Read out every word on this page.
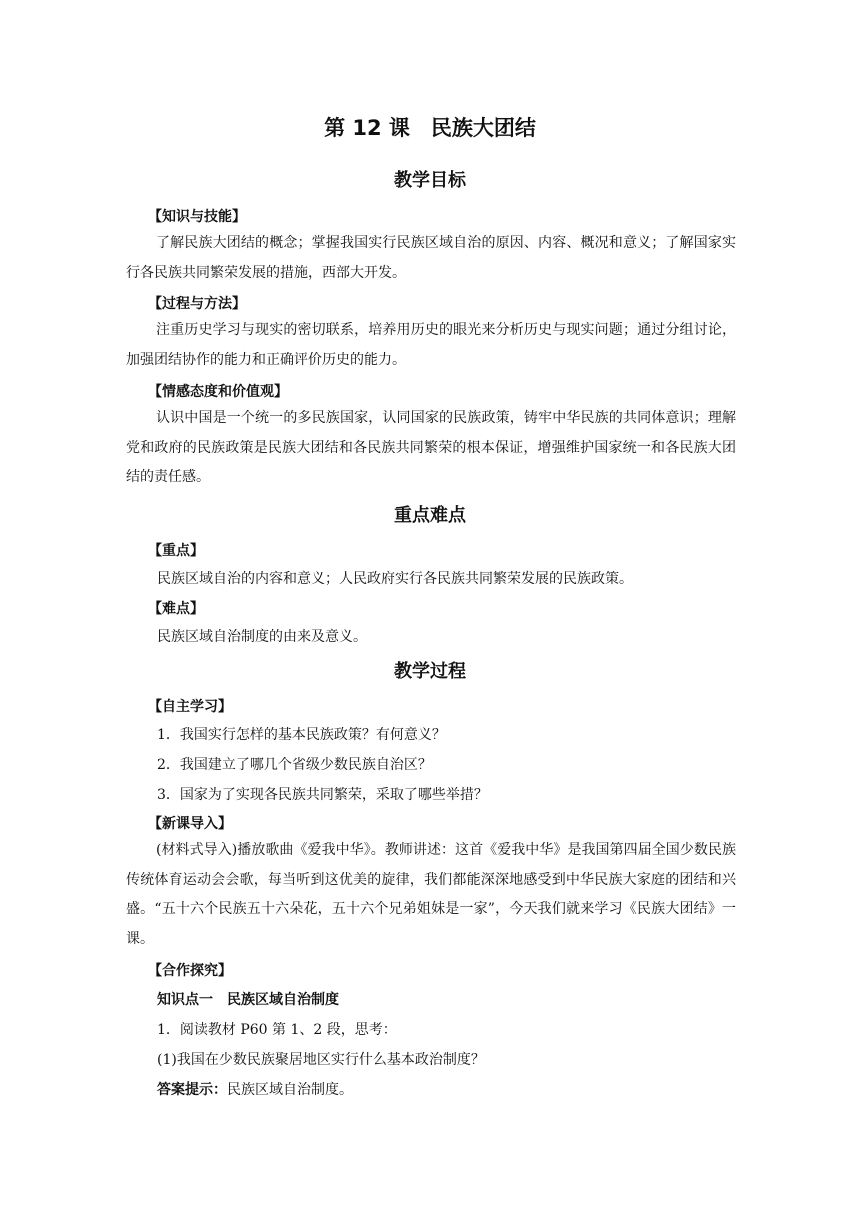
第 12 课　民族大团结
教学目标

【知识与技能】

了解民族大团结的概念；掌握我国实行民族区域自治的原因、内容、概况和意义；了解国家实行各民族共同繁荣发展的措施，西部大开发。

【过程与方法】

注重历史学习与现实的密切联系，培养用历史的眼光来分析历史与现实问题；通过分组讨论，加强团结协作的能力和正确评价历史的能力。

【情感态度和价值观】

认识中国是一个统一的多民族国家，认同国家的民族政策，铸牢中华民族的共同体意识；理解党和政府的民族政策是民族大团结和各民族共同繁荣的根本保证，增强维护国家统一和各民族大团结的责任感。

重点难点

【重点】

民族区域自治的内容和意义；人民政府实行各民族共同繁荣发展的民族政策。

【难点】

民族区域自治制度的由来及意义。

教学过程

【自主学习】

1．我国实行怎样的基本民族政策？有何意义？

2．我国建立了哪几个省级少数民族自治区？

3．国家为了实现各民族共同繁荣，采取了哪些举措？

【新课导入】

(材料式导入)播放歌曲《爱我中华》。教师讲述：这首《爱我中华》是我国第四届全国少数民族传统体育运动会会歌，每当听到这优美的旋律，我们都能深深地感受到中华民族大家庭的团结和兴盛。“五十六个民族五十六朵花，五十六个兄弟姐妹是一家”，今天我们就来学习《民族大团结》一课。

【合作探究】

知识点一　民族区域自治制度

1．阅读教材 P60 第 1、2 段，思考：

(1)我国在少数民族聚居地区实行什么基本政治制度？

答案提示：民族区域自治制度。
